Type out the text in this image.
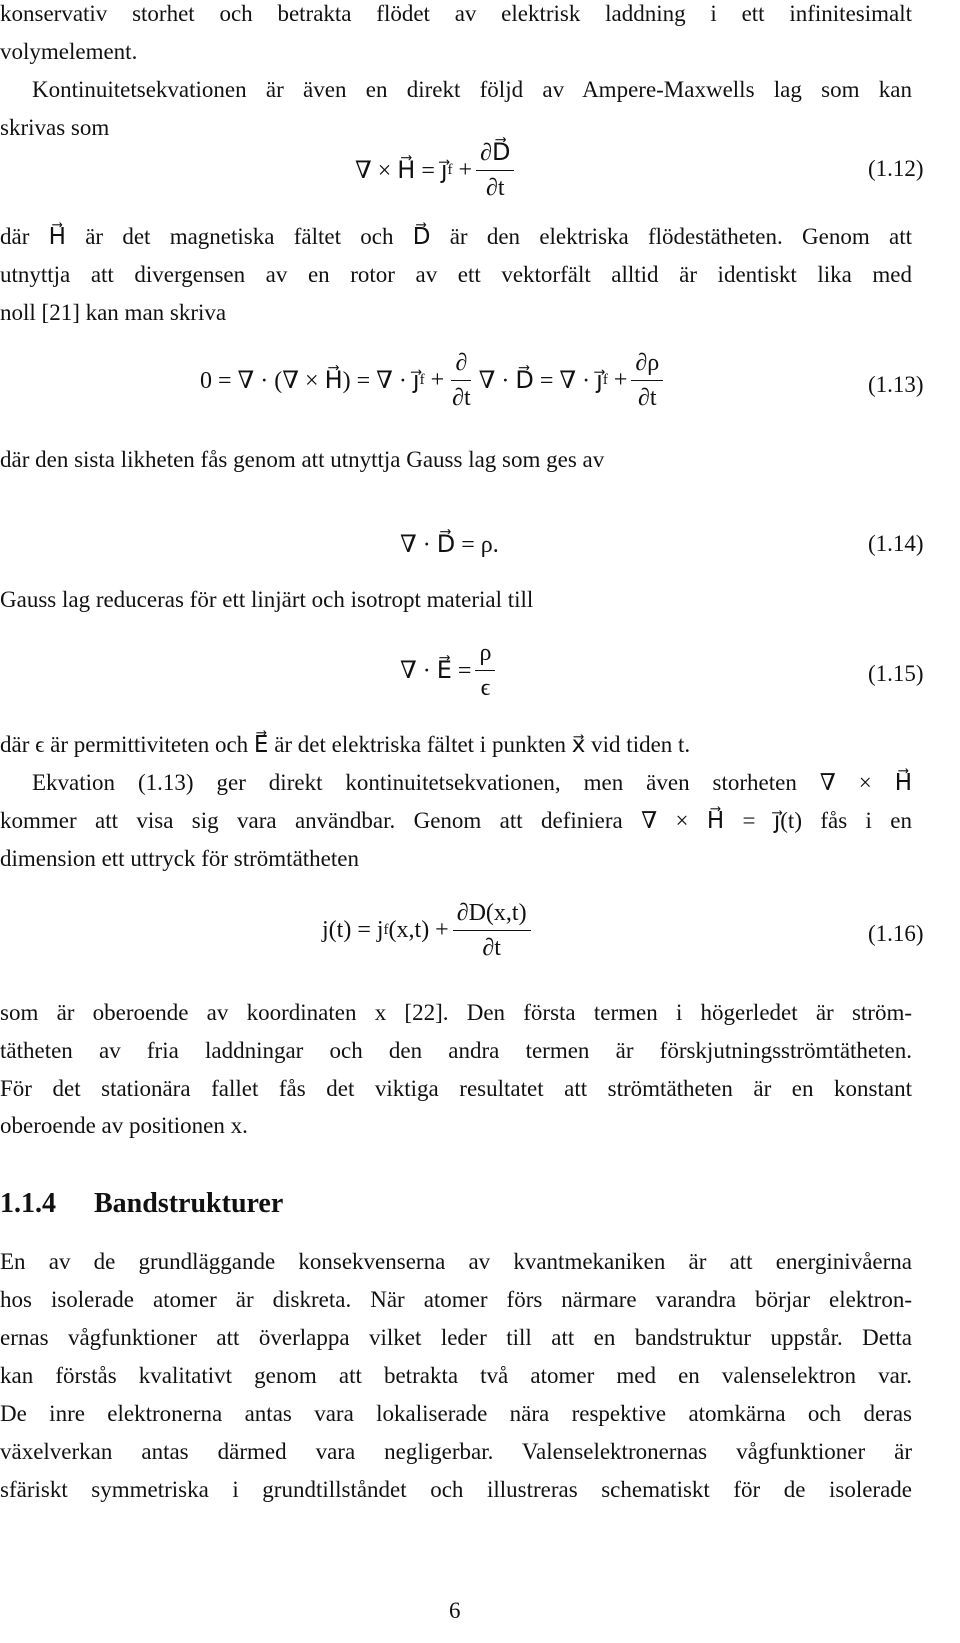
konservativ storhet och betrakta flödet av elektrisk laddning i ett infinitesimalt
volymelement.
Kontinuitetsekvationen är även en direkt följd av Ampere-Maxwells lag som kan
skrivas som
∇ × H⃗ = j⃗ f
+ $\frac{\partial D⃗}{\partial t}$	(1.12)
där H⃗ är det magnetiska fältet och D⃗ är den elektriska flödestätheten. Genom att
utnyttja att divergensen av en rotor av ett vektorfält alltid är identiskt lika med
noll [21] kan man skriva
0 = ∇ · (∇ × H⃗) = ∇ · j⃗ f
+ $\frac{\partial}{\partial t}$ ∇ · D⃗ = ∇ · j⃗ f
+ $\frac{\partial\rho}{\partial t}$	(1.13)
där den sista likheten fås genom att utnyttja Gauss lag som ges av
∇ · D⃗ = ρ.	(1.14)
Gauss lag reduceras för ett linjärt och isotropt material till
∇ · E⃗ = $\frac{\rho}{\epsilon}$	(1.15)
där ϵ är permittiviteten och E⃗ är det elektriska fältet i punkten x⃗ vid tiden t.
Ekvation (1.13) ger direkt kontinuitetsekvationen, men även storheten ∇ × H⃗
kommer att visa sig vara användbar. Genom att definiera ∇ × H⃗ = j⃗(t) fås i en
dimension ett uttryck för strömtätheten
j(t) = j f $(x,t) + \frac{\partial D(x,t)}{\partial t}$	(1.16)
som är oberoende av koordinaten x [22]. Den första termen i högerledet är ström-
tätheten av fria laddningar och den andra termen är förskjutningsströmtätheten.
För det stationära fallet fås det viktiga resultatet att strömtätheten är en konstant
oberoende av positionen x.
1.1.4 Bandstrukturer
En av de grundläggande konsekvenserna av kvantmekaniken är att energinivåerna
hos isolerade atomer är diskreta. När atomer förs närmare varandra börjar elektron-
ernas vågfunktioner att överlappa vilket leder till att en bandstruktur uppstår. Detta
kan förstås kvalitativt genom att betrakta två atomer med en valenselektron var.
De inre elektronerna antas vara lokaliserade nära respektive atomkärna och deras
växelverkan antas därmed vara negligerbar. Valenselektronernas vågfunktioner är
sfäriskt symmetriska i grundtillståndet och illustreras schematiskt för de isolerade
6
